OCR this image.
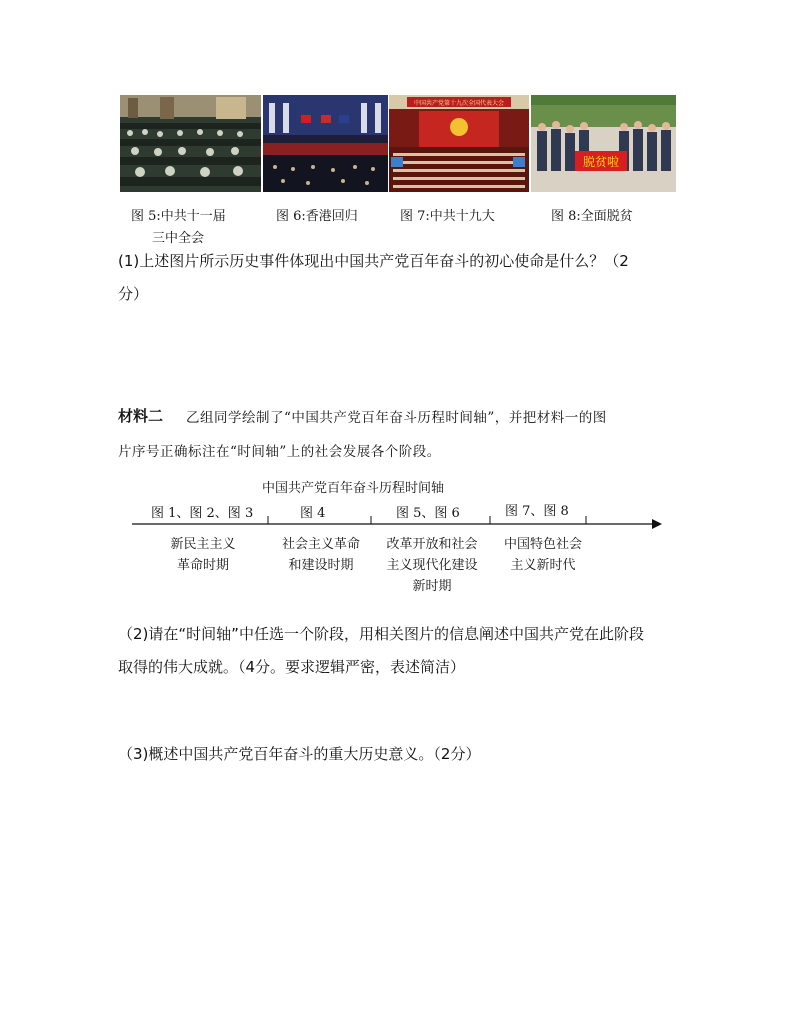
中国共产党第十九次全国代表大会
脱贫啦
图 5:中共十一届
三中全会
图 6:香港回归	图 7:中共十九大	图 8:全面脱贫
(1)上述图片所示历史事件体现出中国共产党百年奋斗的初心使命是什么？（2
分）
材料二 乙组同学绘制了“中国共产党百年奋斗历程时间轴”，并把材料一的图
片序号正确标注在“时间轴”上的社会发展各个阶段。
中国共产党百年奋斗历程时间轴
图 1、图 2、图 3	图 4	图 5、图 6	图 7、图 8
新民主主义
革命时期
社会主义革命
和建设时期
改革开放和社会
主义现代化建设
新时期
中国特色社会
主义新时代
（2)请在“时间轴”中任选一个阶段，用相关图片的信息阐述中国共产党在此阶段
取得的伟大成就。（4分。要求逻辑严密，表述简洁）
（3)概述中国共产党百年奋斗的重大历史意义。（2分）
